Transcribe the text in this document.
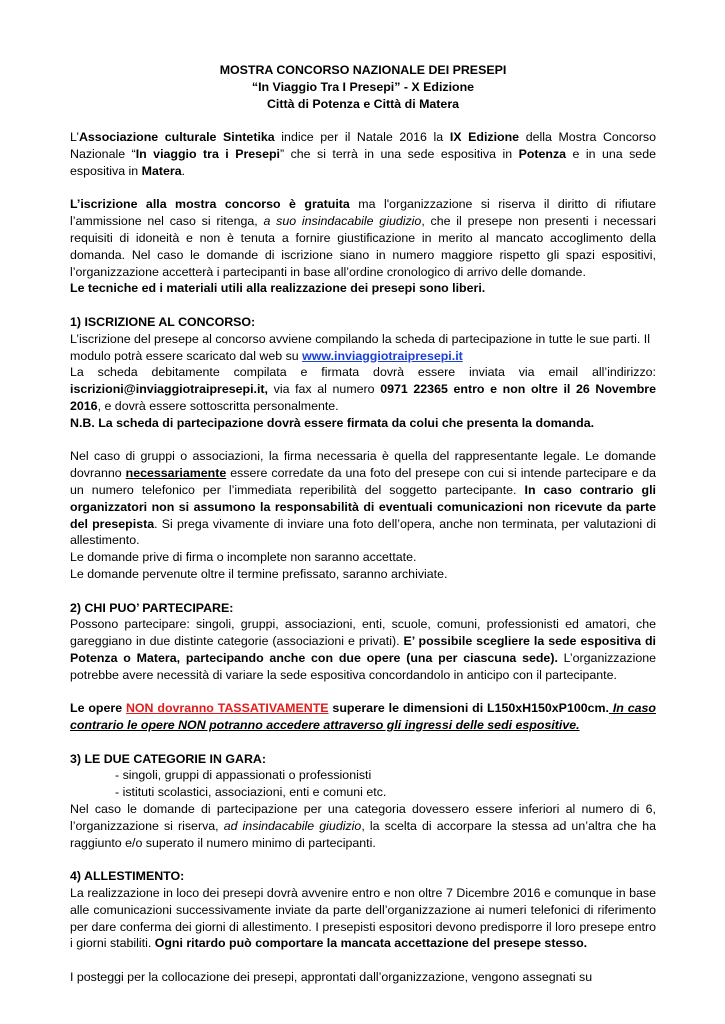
MOSTRA CONCORSO NAZIONALE DEI PRESEPI
“In Viaggio Tra I Presepi” - X Edizione
Città di Potenza e Città di Matera

L’Associazione culturale Sintetika indice per il Natale 2016 la IX Edizione della Mostra Concorso Nazionale “In viaggio tra i Presepi” che si terrà in una sede espositiva in Potenza e in una sede espositiva in Matera.

L’iscrizione alla mostra concorso è gratuita ma l'organizzazione si riserva il diritto di rifiutare l’ammissione nel caso si ritenga, a suo insindacabile giudizio, che il presepe non presenti i necessari requisiti di idoneità e non è tenuta a fornire giustificazione in merito al mancato accoglimento della domanda. Nel caso le domande di iscrizione siano in numero maggiore rispetto gli spazi espositivi, l’organizzazione accetterà i partecipanti in base all’ordine cronologico di arrivo delle domande.

Le tecniche ed i materiali utili alla realizzazione dei presepi sono liberi.

1) ISCRIZIONE AL CONCORSO:

L’iscrizione del presepe al concorso avviene compilando la scheda di partecipazione in tutte le sue parti. Il modulo potrà essere scaricato dal web su www.inviaggiotraipresepi.it

La scheda debitamente compilata e firmata dovrà essere inviata via email all’indirizzo: iscrizioni@inviaggiotraipresepi.it, via fax al numero 0971 22365 entro e non oltre il 26 Novembre 2016, e dovrà essere sottoscritta personalmente.

N.B. La scheda di partecipazione dovrà essere firmata da colui che presenta la domanda.

Nel caso di gruppi o associazioni, la firma necessaria è quella del rappresentante legale. Le domande dovranno necessariamente essere corredate da una foto del presepe con cui si intende partecipare e da un numero telefonico per l’immediata reperibilità del soggetto partecipante. In caso contrario gli organizzatori non si assumono la responsabilità di eventuali comunicazioni non ricevute da parte del presepista. Si prega vivamente di inviare una foto dell’opera, anche non terminata, per valutazioni di allestimento.

Le domande prive di firma o incomplete non saranno accettate.

Le domande pervenute oltre il termine prefissato, saranno archiviate.

2) CHI PUO’ PARTECIPARE:

Possono partecipare: singoli, gruppi, associazioni, enti, scuole, comuni, professionisti ed amatori, che gareggiano in due distinte categorie (associazioni e privati). E’ possibile scegliere la sede espositiva di Potenza o Matera, partecipando anche con due opere (una per ciascuna sede). L’organizzazione potrebbe avere necessità di variare la sede espositiva concordandolo in anticipo con il partecipante.

Le opere NON dovranno TASSATIVAMENTE superare le dimensioni di L150xH150xP100cm. In caso contrario le opere NON potranno accedere attraverso gli ingressi delle sedi espositive.

3) LE DUE CATEGORIE IN GARA:

- singoli, gruppi di appassionati o professionisti
- istituti scolastici, associazioni, enti e comuni etc.

Nel caso le domande di partecipazione per una categoria dovessero essere inferiori al numero di 6, l’organizzazione si riserva, ad insindacabile giudizio, la scelta di accorpare la stessa ad un’altra che ha raggiunto e/o superato il numero minimo di partecipanti.

4) ALLESTIMENTO:

La realizzazione in loco dei presepi dovrà avvenire entro e non oltre 7 Dicembre 2016 e comunque in base alle comunicazioni successivamente inviate da parte dell’organizzazione ai numeri telefonici di riferimento per dare conferma dei giorni di allestimento. I presepisti espositori devono predisporre il loro presepe entro i giorni stabiliti. Ogni ritardo può comportare la mancata accettazione del presepe stesso.

I posteggi per la collocazione dei presepi, approntati dall’organizzazione, vengono assegnati su
